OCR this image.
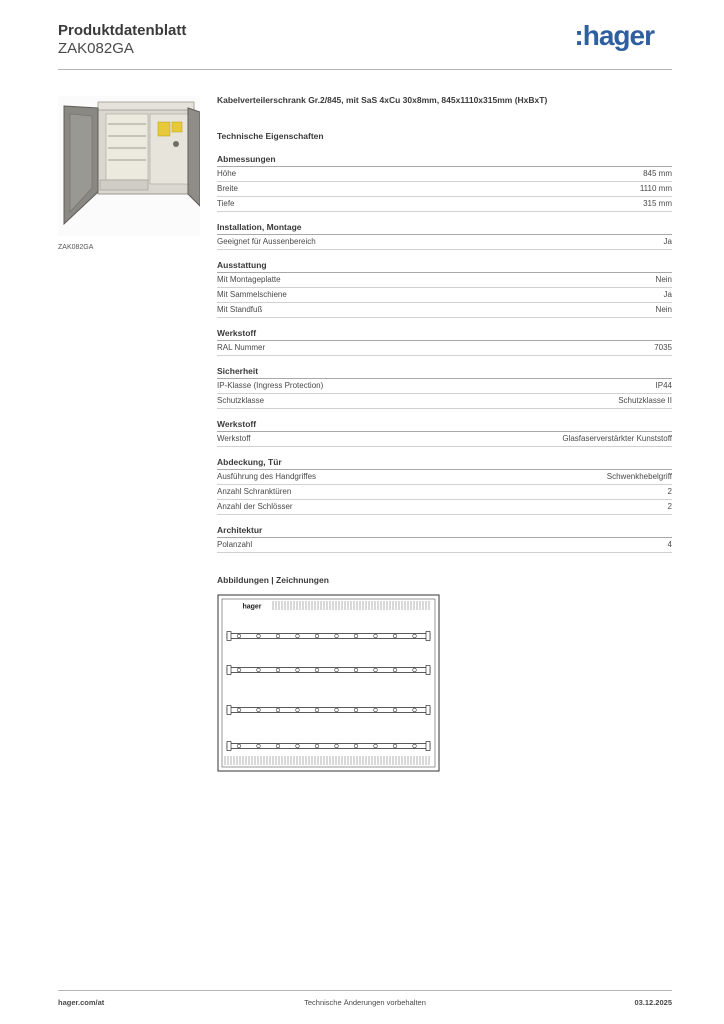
Produktdatenblatt
ZAK082GA	:hager
ZAK082GA
Kabelverteilerschrank Gr.2/845, mit SaS 4xCu 30x8mm, 845x1110x315mm (HxBxT)
Technische Eigenschaften
Abmessungen
Höhe	845 mm
Breite	1110 mm
Tiefe	315 mm
Installation, Montage
Geeignet für Aussenbereich	Ja
Ausstattung
Mit Montageplatte	Nein
Mit Sammelschiene	Ja
Mit Standfuß	Nein
Werkstoff
RAL Nummer	7035
Sicherheit
IP-Klasse (Ingress Protection)	IP44
Schutzklasse	Schutzklasse II
Werkstoff
Werkstoff	Glasfaserverstärkter Kunststoff
Abdeckung, Tür
Ausführung des Handgriffes	Schwenkhebelgriff
Anzahl Schranktüren	2
Anzahl der Schlösser	2
Architektur
Polanzahl	4
Abbildungen | Zeichnungen
hager
hager.com/at	Technische Änderungen vorbehalten	03.12.2025
